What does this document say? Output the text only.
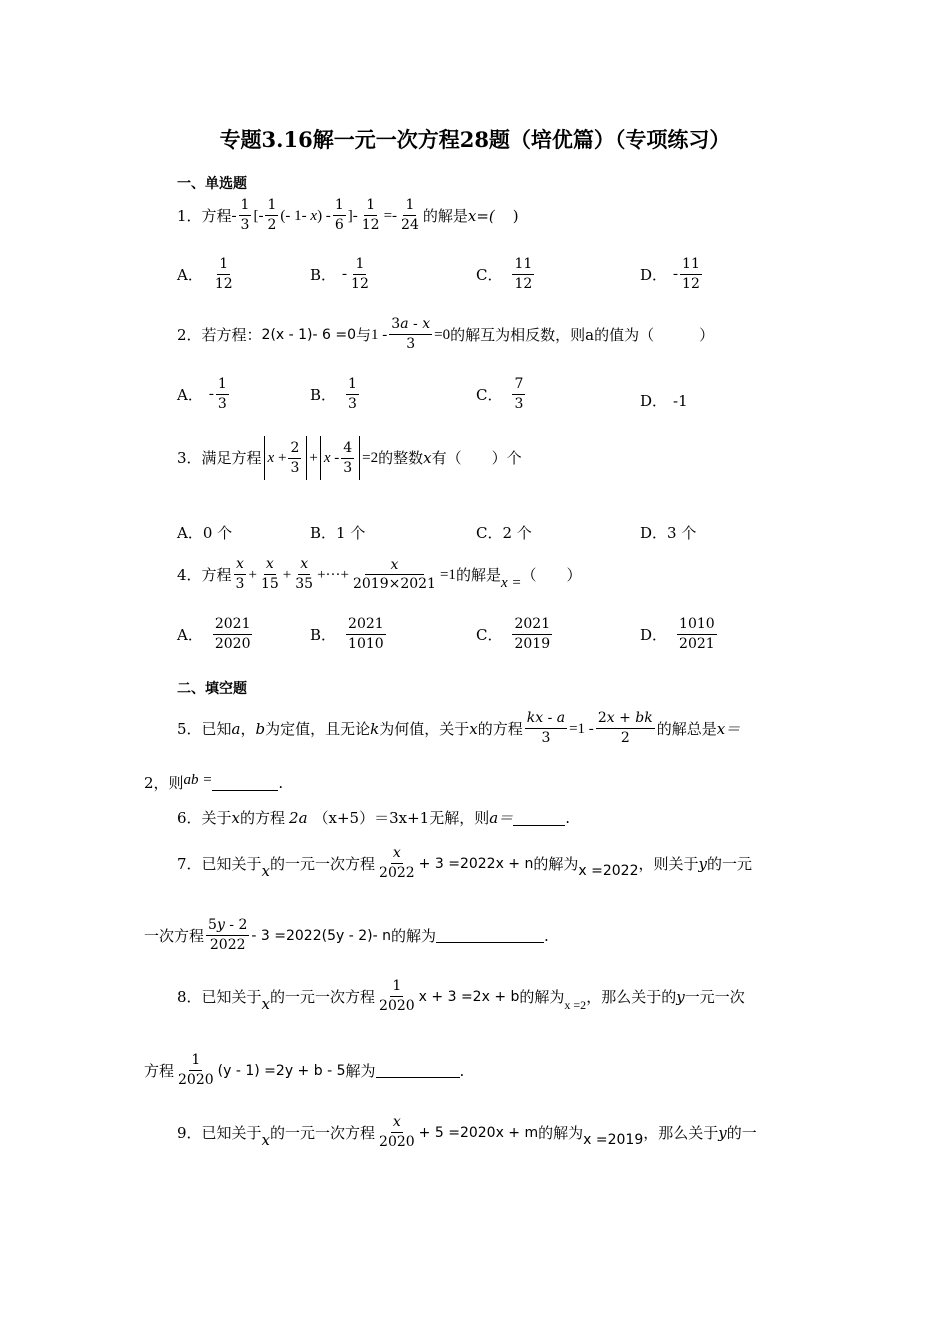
专题3.16解一元一次方程28题（培优篇）（专项练习）
一、单选题
1．方程 - $\frac{1}{3}$ [- $\frac{1}{2}$ (- 1- $x) - \frac{1}{6}$ ]- $\frac{1}{12} =- \frac{1}{24}$ 的解是 x=( )
A． $\frac{1}{12}$	B． - $\frac{1}{12}$	C． $\frac{11}{12}$	D． - $\frac{11}{12}$
2．若方程： 2(x - 1)- 6 =0 与 $1 - \frac{3a - x}{3} =0$ 的解互为相反数，则 a 的值为（　　　）
A． - $\frac{1}{3}$	B． $\frac{1}{3}$	C． $\frac{7}{3}$	D． -1
3．满足方程 $x + \frac{2}{3} + x - \frac{4}{3} =2$ 的整数 x 有（　　）个
A．0 个	B．1 个	C．2 个	D．3 个
4．方程 $\frac{x}{3} + \frac{x}{15} + \frac{x}{35}$ +···+ $\frac{x}{2019\times 2021} =1$ 的解是 x = （　　）
A． $\frac{2021}{2020}$	B． $\frac{2021}{1010}$	C． $\frac{2021}{2019}$	D． $\frac{1010}{2021}$
二、填空题
5．已知 a ， b 为定值，且无论 k 为何值，关于 x 的方程 $\frac{kx - a}{3} =1 - \frac{2x + bk}{2}$ 的解总是 x＝
2，则 ab =	.
6．关于 x 的方程 2a （x+5）＝3x+1 无解，则 a＝	.
7．已知关于 x 的一元一次方程 $\frac{x}{2022} + 3 =2022x + n$ 的解为 x =2022 ，则关于 y 的一元
一次方程 $\frac{5y - 2}{2022} - 3 =2022(5y - 2)-$ n 的解为	.
8．已知关于 x 的一元一次方程 $\frac{1}{2020}$ x + 3 =2x + b 的解为 x =2 ，那么关于的 y 一元一次
方程 $\frac{1}{2020} (y - 1) =2y + b - 5$ 解为	.
9．已知关于 x 的一元一次方程 $\frac{x}{2020} + 5 =2020x + m$ 的解为 x =2019 ，那么关于 y 的一
